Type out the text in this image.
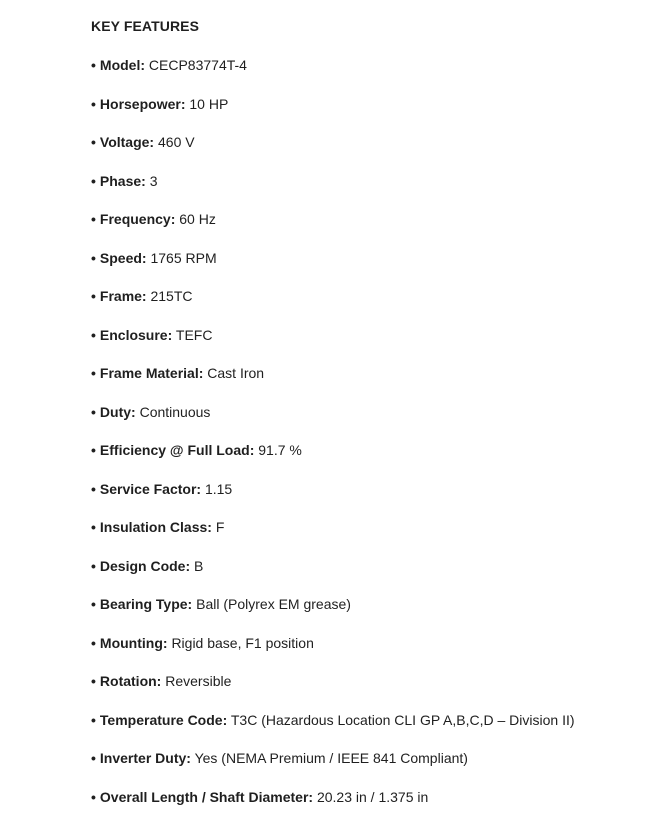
KEY FEATURES
• Model: CECP83774T-4
• Horsepower: 10 HP
• Voltage: 460 V
• Phase: 3
• Frequency: 60 Hz
• Speed: 1765 RPM
• Frame: 215TC
• Enclosure: TEFC
• Frame Material: Cast Iron
• Duty: Continuous
• Efficiency @ Full Load: 91.7 %
• Service Factor: 1.15
• Insulation Class: F
• Design Code: B
• Bearing Type: Ball (Polyrex EM grease)
• Mounting: Rigid base, F1 position
• Rotation: Reversible
• Temperature Code: T3C (Hazardous Location CLI GP A,B,C,D – Division II)
• Inverter Duty: Yes (NEMA Premium / IEEE 841 Compliant)
• Overall Length / Shaft Diameter: 20.23 in / 1.375 in
